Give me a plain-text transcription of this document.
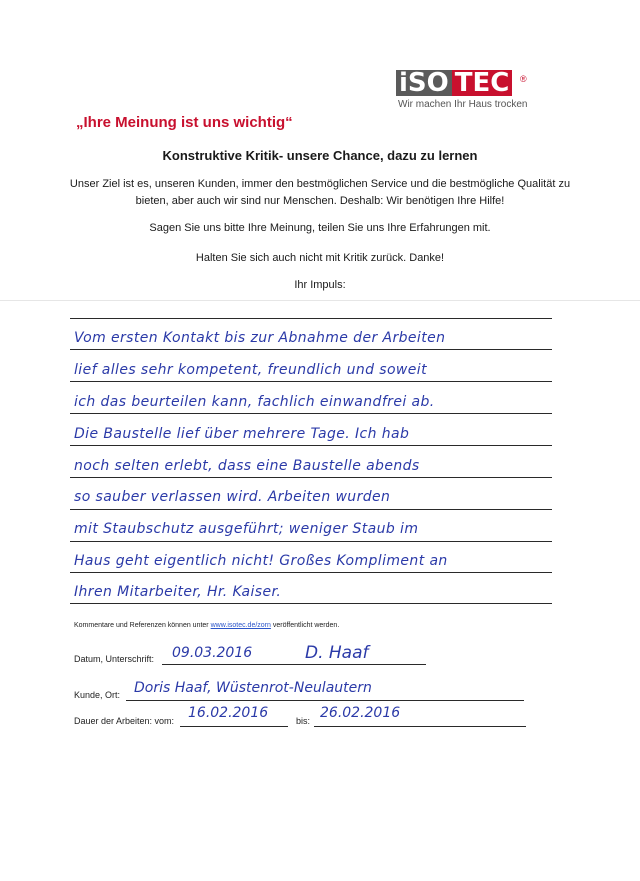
iSO TEC	®
Wir machen Ihr Haus trocken
„Ihre Meinung ist uns wichtig“
Konstruktive Kritik- unsere Chance, dazu zu lernen
Unser Ziel ist es, unseren Kunden, immer den bestmöglichen Service und die bestmögliche Qualität zu bieten, aber auch wir sind nur Menschen. Deshalb: Wir benötigen Ihre Hilfe!
Sagen Sie uns bitte Ihre Meinung, teilen Sie uns Ihre Erfahrungen mit.
Halten Sie sich auch nicht mit Kritik zurück. Danke!
Ihr Impuls:
Vom ersten Kontakt bis zur Abnahme der Arbeiten
lief alles sehr kompetent, freundlich und soweit
ich das beurteilen kann, fachlich einwandfrei ab.
Die Baustelle lief über mehrere Tage. Ich hab
noch selten erlebt, dass eine Baustelle abends
so sauber verlassen wird. Arbeiten wurden
mit Staubschutz ausgeführt; weniger Staub im
Haus geht eigentlich nicht! Großes Kompliment an
Ihren Mitarbeiter, Hr. Kaiser.
Kommentare und Referenzen können unter www.isotec.de/zorn veröffentlicht werden.
Datum, Unterschrift: 09.03.2016	D. Haaf
Kunde, Ort: Doris Haaf, Wüstenrot-Neulautern
Dauer der Arbeiten: vom: 16.02.2016	bis: 26.02.2016
